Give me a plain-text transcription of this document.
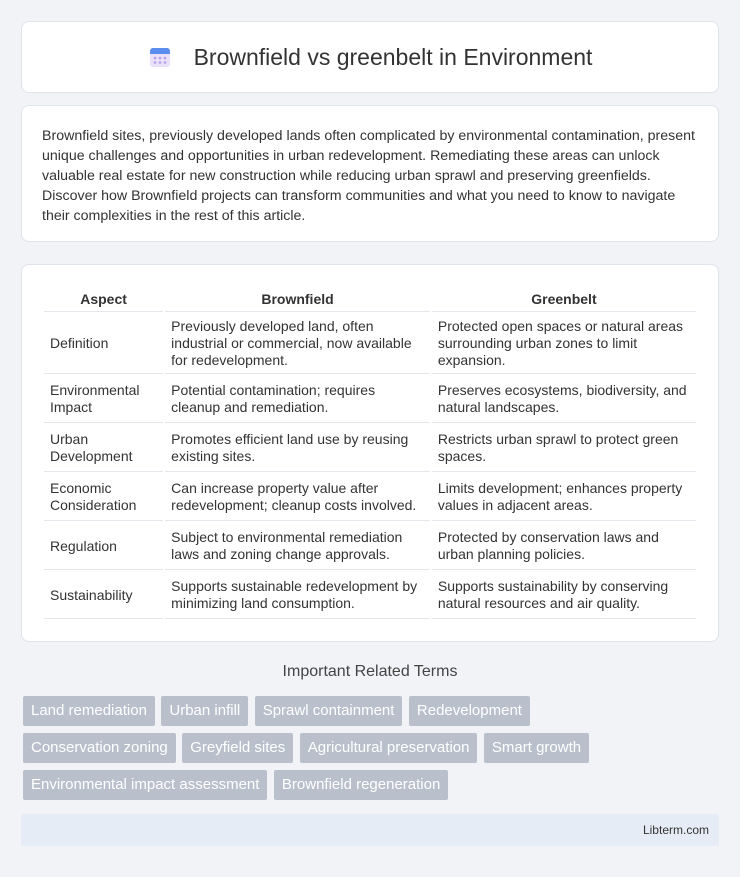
Brownfield vs greenbelt in Environment

Brownfield sites, previously developed lands often complicated by environmental contamination, present unique challenges and opportunities in urban redevelopment. Remediating these areas can unlock valuable real estate for new construction while reducing urban sprawl and preserving greenfields. Discover how Brownfield projects can transform communities and what you need to know to navigate their complexities in the rest of this article.

Aspect	Brownfield	Greenbelt
Definition	Previously developed land, often industrial or commercial, now available for redevelopment.	Protected open spaces or natural areas surrounding urban zones to limit expansion.
Environmental Impact	Potential contamination; requires cleanup and remediation.	Preserves ecosystems, biodiversity, and natural landscapes.
Urban Development	Promotes efficient land use by reusing existing sites.	Restricts urban sprawl to protect green spaces.
Economic Consideration	Can increase property value after redevelopment; cleanup costs involved.	Limits development; enhances property values in adjacent areas.
Regulation	Subject to environmental remediation laws and zoning change approvals.	Protected by conservation laws and urban planning policies.
Sustainability	Supports sustainable redevelopment by minimizing land consumption.	Supports sustainability by conserving natural resources and air quality.
Important Related Terms
Land remediation Urban infill Sprawl containment Redevelopment
Conservation zoning Greyfield sites Agricultural preservation Smart growth
Environmental impact assessment Brownfield regeneration
Libterm.com
